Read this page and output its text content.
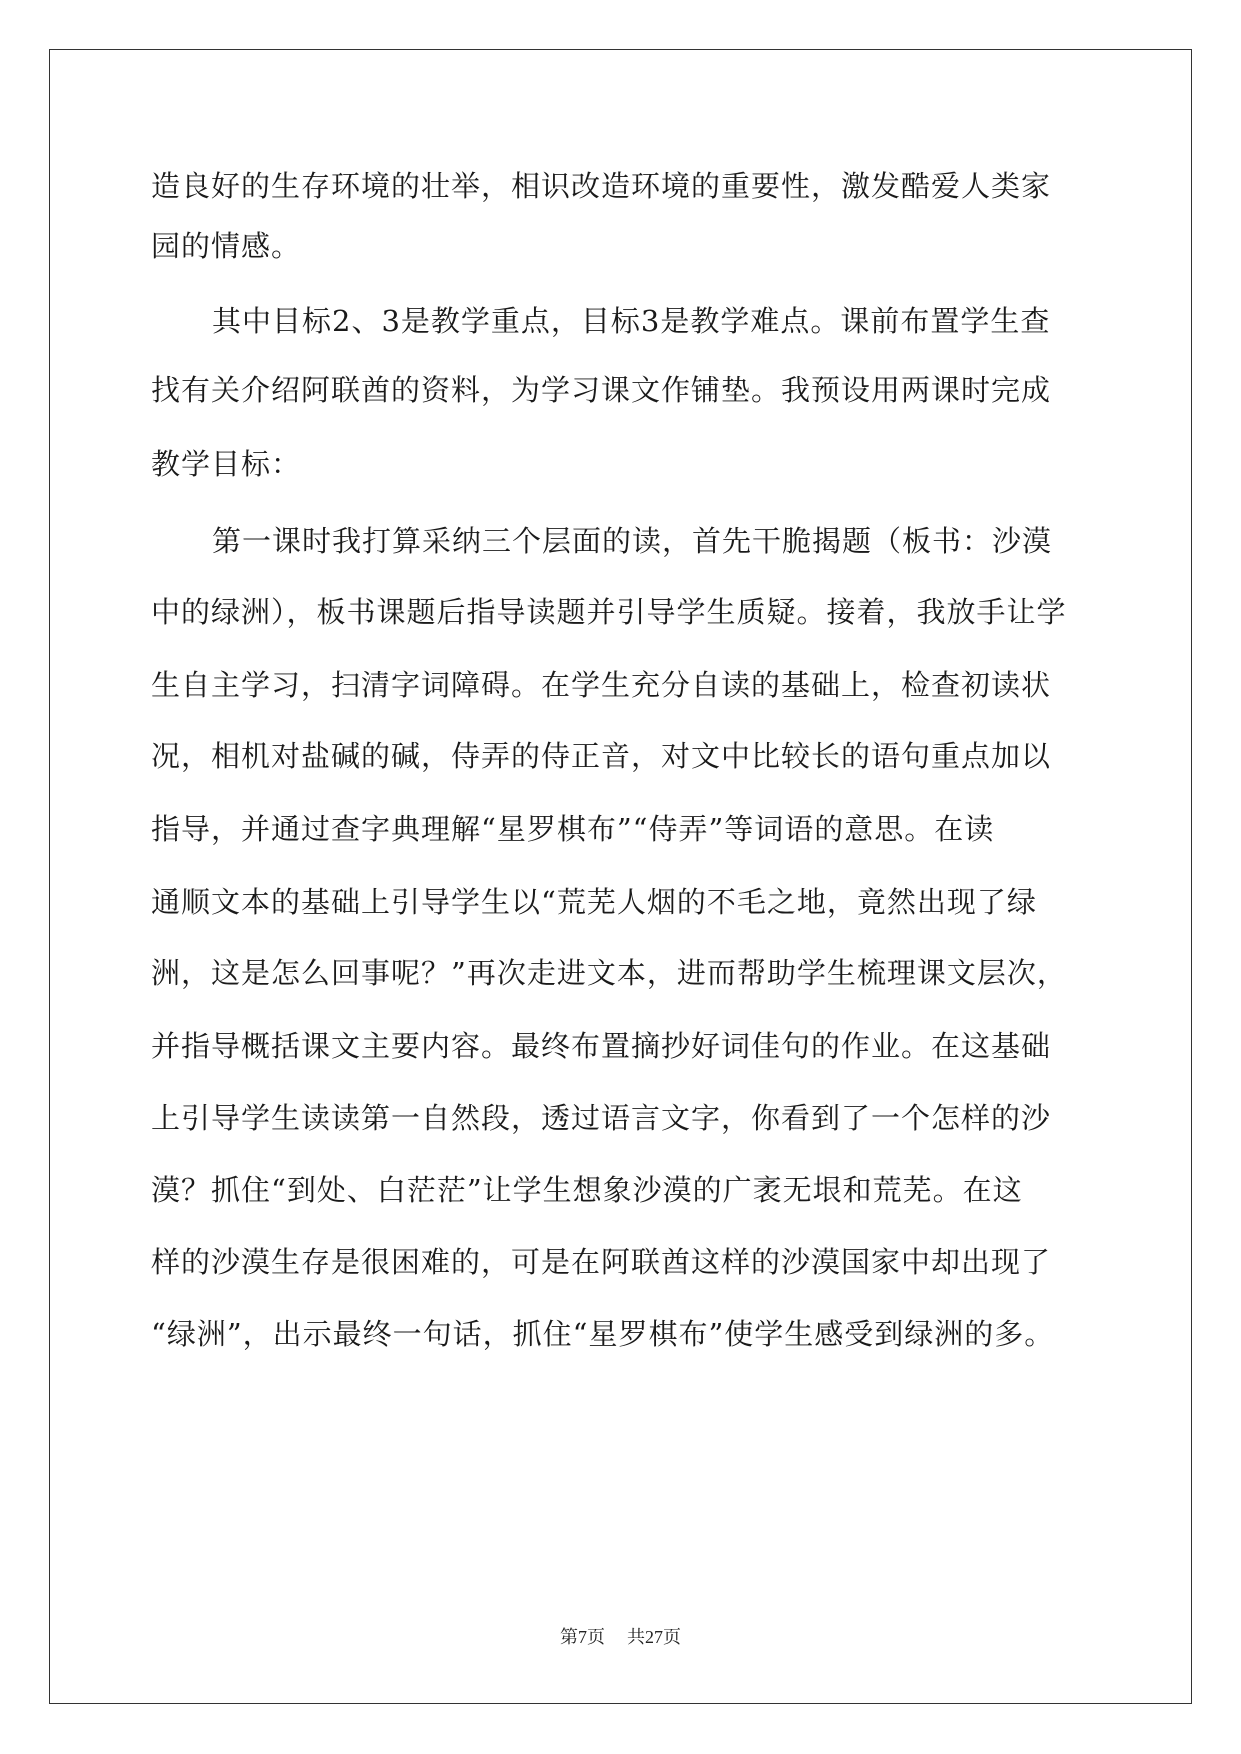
造良好的生存环境的壮举，相识改造环境的重要性，激发酷爱人类家
园的情感。
其中目标2、3是教学重点，目标3是教学难点。课前布置学生查
找有关介绍阿联酋的资料，为学习课文作铺垫。我预设用两课时完成
教学目标：
第一课时我打算采纳三个层面的读，首先干脆揭题（板书：沙漠
中的绿洲），板书课题后指导读题并引导学生质疑。接着，我放手让学
生自主学习，扫清字词障碍。在学生充分自读的基础上，检查初读状
况，相机对盐碱的碱，侍弄的侍正音，对文中比较长的语句重点加以
指导，并通过查字典理解“星罗棋布”“侍弄”等词语的意思。在读
通顺文本的基础上引导学生以“荒芜人烟的不毛之地，竟然出现了绿
洲，这是怎么回事呢？”再次走进文本，进而帮助学生梳理课文层次，
并指导概括课文主要内容。最终布置摘抄好词佳句的作业。在这基础
上引导学生读读第一自然段，透过语言文字，你看到了一个怎样的沙
漠？抓住“到处、白茫茫”让学生想象沙漠的广袤无垠和荒芜。在这
样的沙漠生存是很困难的，可是在阿联酋这样的沙漠国家中却出现了
“绿洲”，出示最终一句话，抓住“星罗棋布”使学生感受到绿洲的多。
第7页 共27页
